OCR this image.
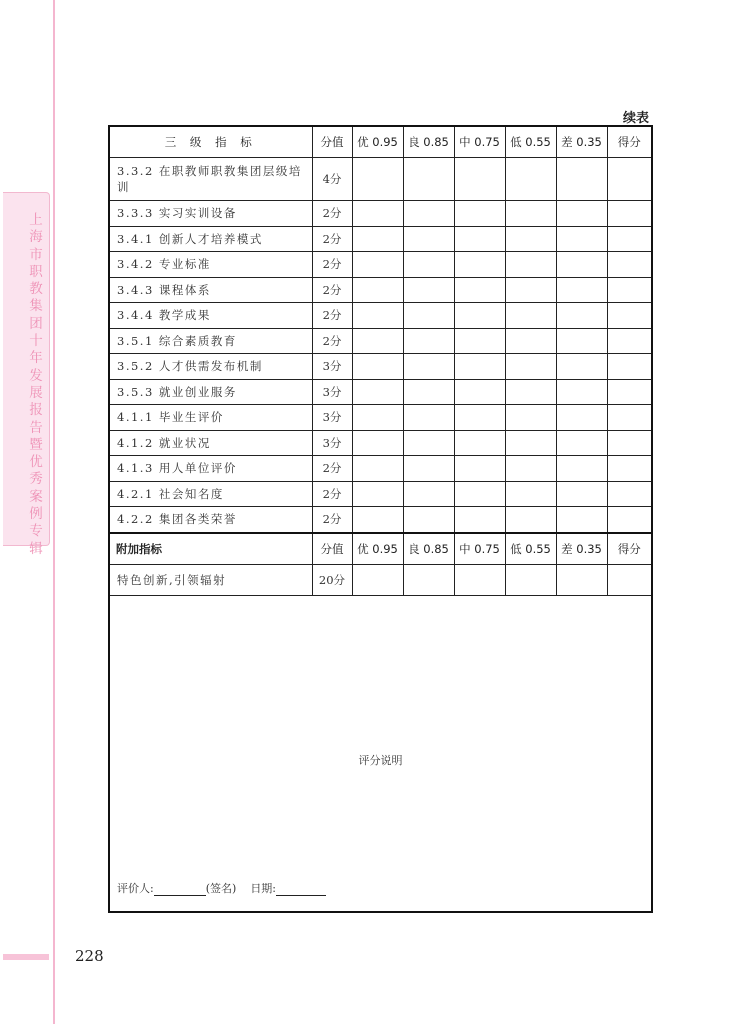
上海市职教集团十年发展报告暨优秀案例专辑
续表
三 级 指 标	分值	优 0.95	良 0.85	中 0.75	低 0.55	差 0.35	得分
3.3.2 在职教师职教集团层级培训	4分						
3.3.3 实习实训设备	2分						
3.4.1 创新人才培养模式	2分						
3.4.2 专业标准	2分						
3.4.3 课程体系	2分						
3.4.4 教学成果	2分						
3.5.1 综合素质教育	2分						
3.5.2 人才供需发布机制	3分						
3.5.3 就业创业服务	3分						
4.1.1 毕业生评价	3分						
4.1.2 就业状况	3分						
4.1.3 用人单位评价	2分						
4.2.1 社会知名度	2分						
4.2.2 集团各类荣誉	2分						
附加指标	分值	优 0.95	良 0.85	中 0.75	低 0.55	差 0.35	得分
特色创新,引领辐射	20分						

评分说明
评价人: (签名) 日期:							
228
